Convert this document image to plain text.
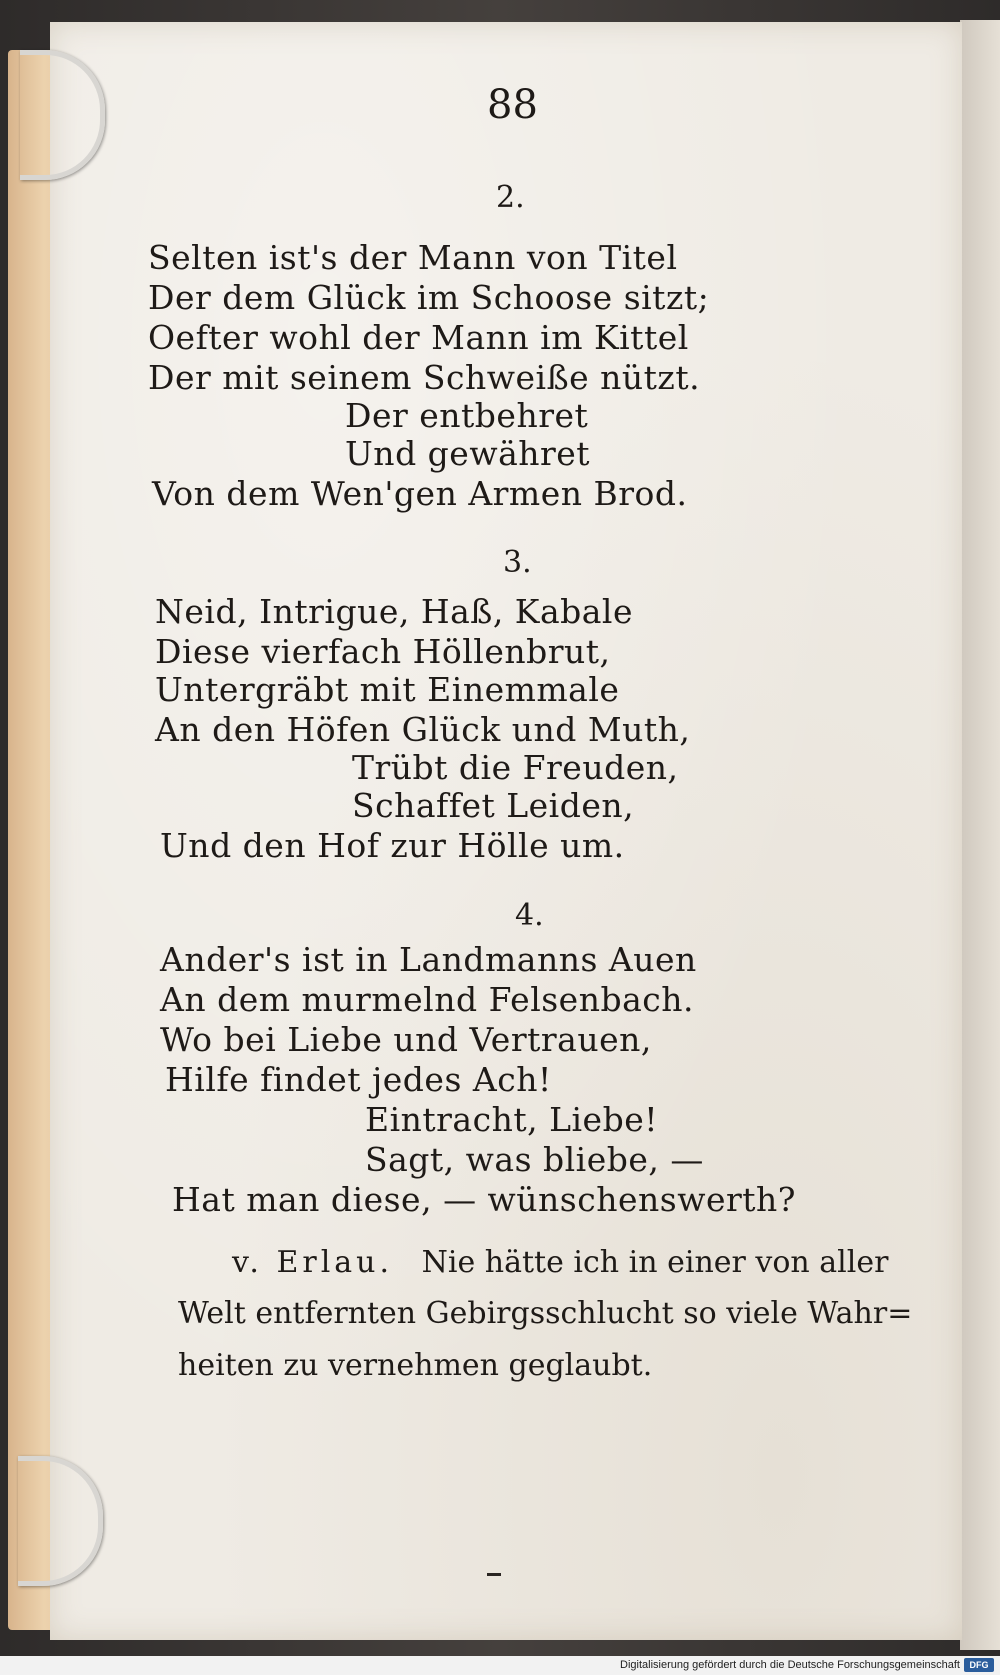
88
2.
Selten ist's der Mann von Titel
Der dem Glück im Schoose sitzt;
Oefter wohl der Mann im Kittel
Der mit seinem Schweiße nützt.
Der entbehret
Und gewähret
Von dem Wen'gen Armen Brod.
3.
Neid, Intrigue, Haß, Kabale
Diese vierfach Höllenbrut,
Untergräbt mit Einemmale
An den Höfen Glück und Muth,
Trübt die Freuden,
Schaffet Leiden,
Und den Hof zur Hölle um.
4.
Ander's ist in Landmanns Auen
An dem murmelnd Felsenbach.
Wo bei Liebe und Vertrauen,
Hilfe findet jedes Ach!
Eintracht, Liebe!
Sagt, was bliebe, —
Hat man diese, — wünschenswerth?
v. Erlau. Nie hätte ich in einer von aller
Welt entfernten Gebirgsschlucht so viele Wahr=
heiten zu vernehmen geglaubt.
Digitalisierung gefördert durch die Deutsche Forschungsgemeinschaft	DFG
